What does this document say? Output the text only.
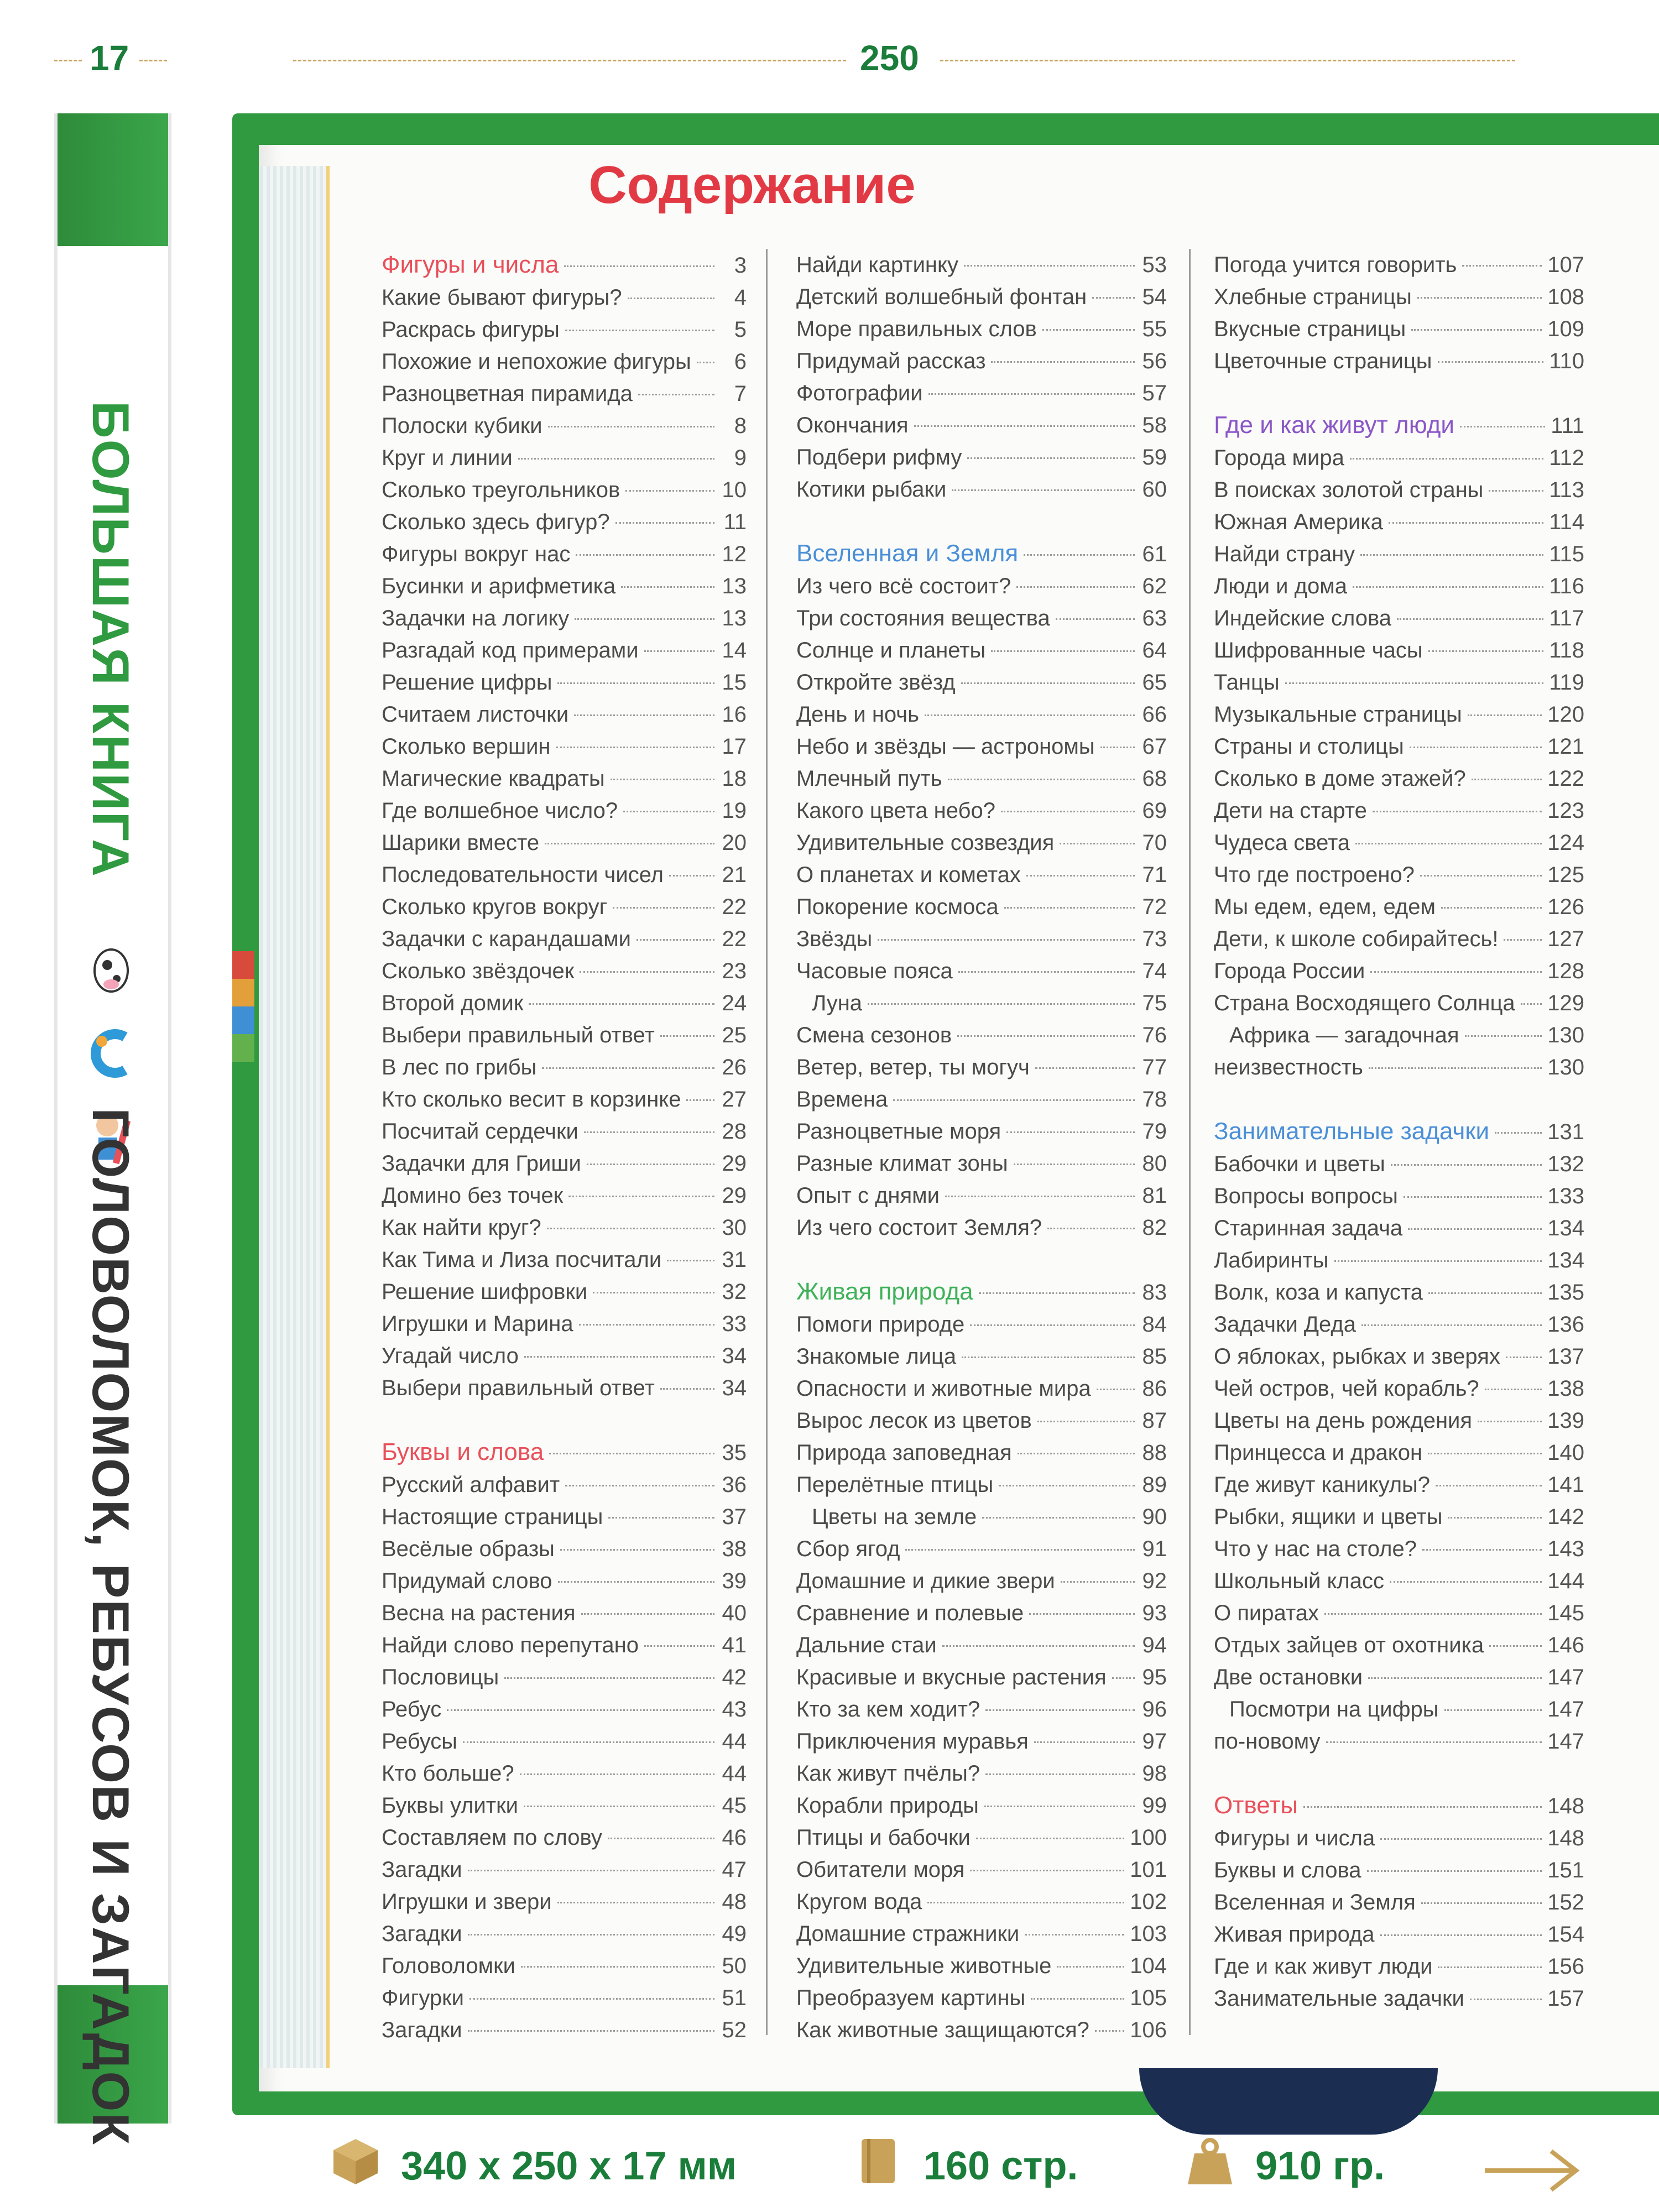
17	250
БОЛЬШАЯ КНИГА  ГОЛОВОЛОМОК, РЕБУСОВ И ЗАГАДОК
Содержание
Фигуры и числа	3
Какие бывают фигуры?	4
Раскрась фигуры	5
Похожие и непохожие фигуры	6
Разноцветная пирамида	7
Полоски кубики	8
Круг и линии	9
Сколько треугольников	10
Сколько здесь фигур?	11
Фигуры вокруг нас	12
Бусинки и арифметика	13
Задачки на логику	13
Разгадай код примерами	14
Решение цифры	15
Считаем листочки	16
Сколько вершин	17
Магические квадраты	18
Где волшебное число?	19
Шарики вместе	20
Последовательности чисел	21
Сколько кругов вокруг	22
Задачки с карандашами	22
Сколько звёздочек	23
Второй домик	24
Выбери правильный ответ	25
В лес по грибы	26
Кто сколько весит в корзинке 27
Посчитай сердечки	28
Задачки для Гриши	29
Домино без точек	29
Как найти круг?	30
Как Тима и Лиза посчитали	31
Решение шифровки	32
Игрушки и Марина	33
Угадай число	34
Выбери правильный ответ	34
Буквы и слова	35
Русский алфавит	36
Настоящие страницы	37
Весёлые образы	38
Придумай слово	39
Весна на растения	40
Найди слово перепутано	41
Пословицы	42
Ребус	43
Ребусы	44
Кто больше?	44
Буквы улитки	45
Составляем по слову	46
Загадки	47
Игрушки и звери	48
Загадки	49
Головоломки	50
Фигурки	51
Загадки	52
Найди картинку	53
Детский волшебный фонтан	54
Море правильных слов	55
Придумай рассказ	56
Фотографии	57
Окончания	58
Подбери рифму	59
Котики рыбаки	60
Вселенная и Земля	61
Из чего всё состоит?	62
Три состояния вещества	63
Солнце и планеты	64
Откройте звёзд	65
День и ночь	66
Небо и звёзды — астрономы 67
Млечный путь	68
Какого цвета небо?	69
Удивительные созвездия	70
О планетах и кометах	71
Покорение космоса	72
Звёзды	73
Часовые пояса	74
Луна	75
Смена сезонов	76
Ветер, ветер, ты могуч	77
Времена	78
Разноцветные моря	79
Разные климат зоны	80
Опыт с днями	81
Из чего состоит Земля?	82
Живая природа	83
Помоги природе	84
Знакомые лица	85
Опасности и животные мира 86
Вырос лесок из цветов	87
Природа заповедная	88
Перелётные птицы	89
Цветы на земле	90
Сбор ягод	91
Домашние и дикие звери	92
Сравнение и полевые	93
Дальние стаи	94
Красивые и вкусные растения 95
Кто за кем ходит?	96
Приключения муравья	97
Как живут пчёлы?	98
Корабли природы	99
Птицы и бабочки	100
Обитатели моря	101
Кругом вода	102
Домашние стражники	103
Удивительные животные	104
Преобразуем картины	105
Как животные защищаются? 106
Погода учится говорить	107
Хлебные страницы	108
Вкусные страницы	109
Цветочные страницы	110
Где и как живут люди	111
Города мира	112
В поисках золотой страны	113
Южная Америка	114
Найди страну	115
Люди и дома	116
Индейские слова	117
Шифрованные часы	118
Танцы	119
Музыкальные страницы	120
Страны и столицы	121
Сколько в доме этажей?	122
Дети на старте	123
Чудеса света	124
Что где построено?	125
Мы едем, едем, едем	126
Дети, к школе собирайтесь! 127
Города России	128
Страна Восходящего Солнца 129
Африка — загадочная	130
неизвестность	130
Занимательные задачки	131
Бабочки и цветы	132
Вопросы вопросы	133
Старинная задача	134
Лабиринты	134
Волк, коза и капуста	135
Задачки Деда	136
О яблоках, рыбках и зверях 137
Чей остров, чей корабль?	138
Цветы на день рождения	139
Принцесса и дракон	140
Где живут каникулы?	141
Рыбки, ящики и цветы	142
Что у нас на столе?	143
Школьный класс	144
О пиратах	145
Отдых зайцев от охотника	146
Две остановки	147
Посмотри на цифры	147
по-новому	147
Ответы	148
Фигуры и числа	148
Буквы и слова	151
Вселенная и Земля	152
Живая природа	154
Где и как живут люди	156
Занимательные задачки	157
340 х 250 х 17 мм	160 стр.	910 гр.
